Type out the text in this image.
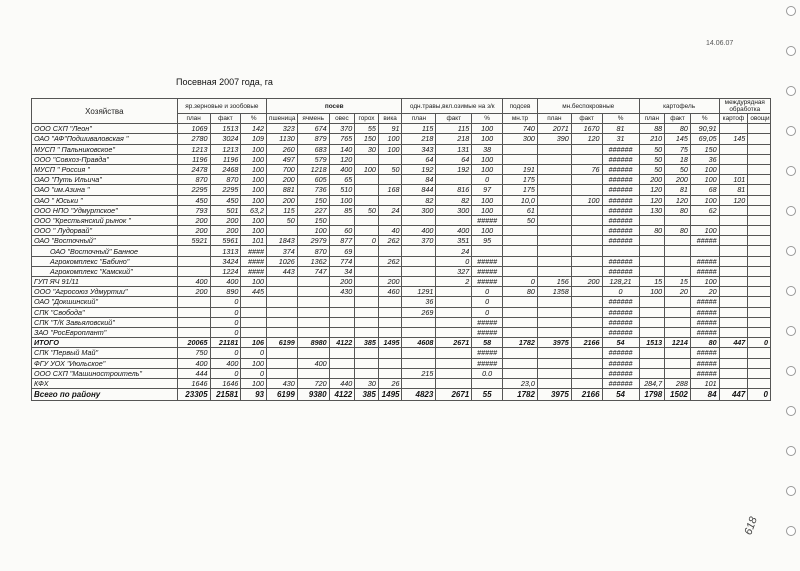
14.06.07
Посевная 2007 года, га
Хозяйства	яр.зерновые и зообовые			посев					одн.травы,вкл.озимые на з/к			подсев	мн.беспокровные			картофель			междурядная обработка	
	план	факт	%	пшеница	ячмень	овес	горох	вика	план	факт	%	мн.тр	план	факт	%	план	факт	%	картоф	овощи
ООО СХП "Леон"	1069	1513	142	323	674	370	55	91	115	115	100	740	2071	1670	81	88	80	90,91		
ОАО "АФ"Подшиваловская "	2780	3024	109	1130	879	765	150	100	218	218	100	300	390	120	31	210	145	69,05	145	
МУСП " Пальниковское"	1213	1213	100	260	683	140	30	100	343	131	38				######	50	75	150		
ООО "Совхоз-Правда"	1196	1196	100	497	579	120			64	64	100				######	50	18	36		
МУСП " Россия "	2478	2468	100	700	1218	400	100	50	192	192	100	191		76	######	50	50	100		
ОАО "Путь Ильича"	870	870	100	200	605	65			84		0	175			######	200	200	100	101	
ОАО "им.Азина "	2295	2295	100	881	736	510		168	844	816	97	175			######	120	81	68	81	
ОАО " Юськи "	450	450	100	200	150	100			82	82	100	10,0		100	######	120	120	100	120	
ООО НПО "Удмуртское"	793	501	63,2	115	227	85	50	24	300	300	100	61			######	130	80	62		
ООО "Крестьянский рынок "	200	200	100	50	150						#####	50			######					
ООО " Лудорвай"	200	200	100		100	60		40	400	400	100				######	80	80	100		
ОАО "Восточный"	5921	5961	101	1843	2979	877	0	262	370	351	95				######			#####		
ОАО "Восточный" Банное		1313	####	374	870	69				24										
Агрокомплекс "Бабино"		3424	####	1026	1362	774		262		0	#####				######			#####		
Агрокомплекс "Камский"		1224	####	443	747	34				327	#####				######			#####		
ГУП ЯЧ 91/11	400	400	100			200		200		2	#####	0	156	200	128,21	15	15	100		
ООО "Агросоюз Удмуртии"	200	890	445			430		460	1291		0	80	1358		0	100	20	20		
ОАО "Докшинский"		0							36		0				######			#####		
СПК "Свобода"		0							269		0				######			#####		
СПК "Т/К Завьяловский"		0									#####				######			#####		
ЗАО "РосЕвроплант"		0									#####				######			#####		
ИТОГО	20065	21181	106	6199	8980	4122	385	1495	4608	2671	58	1782	3975	2166	54	1513	1214	80	447	0
СПК "Первый Май"	750	0	0								#####				######			#####		
ФГУ УОХ "Июльское"	400	400	100		400						#####				######			#####		
ООО СХП "Машиностроитель"	444	0	0						215		0.0				######			#####		
КФХ	1646	1646	100	430	720	440	30	26				23,0			######	284,7	288	101		
Всего по району	23305	21581	93	6199	9380	4122	385	1495	4823	2671	55	1782	3975	2166	54	1798	1502	84	447	0
618
